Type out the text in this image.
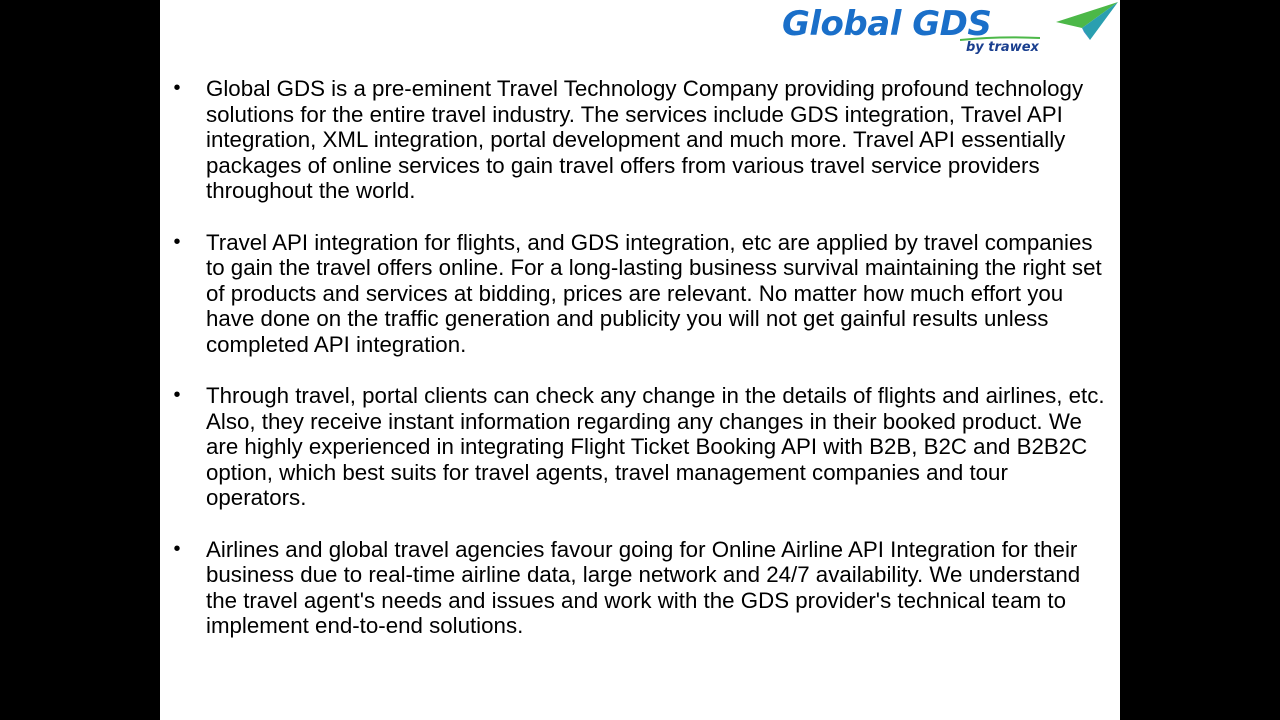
Global GDS
by trawex
• Global GDS is a pre-eminent Travel Technology Company providing profound technology solutions for the entire travel industry. The services include GDS integration, Travel API integration, XML integration, portal development and much more. Travel API essentially packages of online services to gain travel offers from various travel service providers throughout the world.
• Travel API integration for flights, and GDS integration, etc are applied by travel companies to gain the travel offers online. For a long-lasting business survival maintaining the right set of products and services at bidding, prices are relevant. No matter how much effort you have done on the traffic generation and publicity you will not get gainful results unless completed API integration.
• Through travel, portal clients can check any change in the details of flights and airlines, etc. Also, they receive instant information regarding any changes in their booked product. We are highly experienced in integrating Flight Ticket Booking API with B2B, B2C and B2B2C option, which best suits for travel agents, travel management companies and tour operators.
• Airlines and global travel agencies favour going for Online Airline API Integration for their business due to real-time airline data, large network and 24/7 availability. We understand the travel agent's needs and issues and work with the GDS provider's technical team to implement end-to-end solutions.
